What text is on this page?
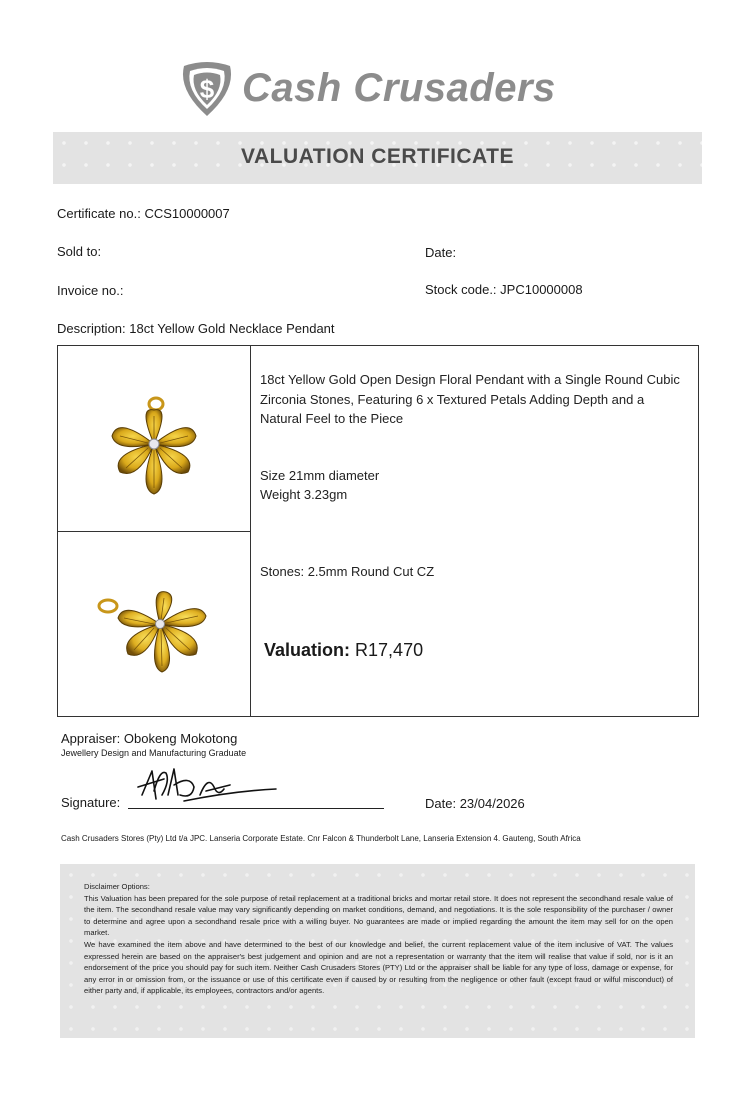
$ Cash Crusaders
VALUATION CERTIFICATE
Certificate no.: CCS10000007
Sold to:	Date:
Invoice no.:	Stock code.: JPC10000008
Description: 18ct Yellow Gold Necklace Pendant
18ct Yellow Gold Open Design Floral Pendant with a Single Round Cubic Zirconia Stones, Featuring 6 x Textured Petals Adding Depth and a Natural Feel to the Piece
Size 21mm diameter
Weight 3.23gm
Stones: 2.5mm Round Cut CZ
Valuation: R17,470
Appraiser: Obokeng Mokotong
Jewellery Design and Manufacturing Graduate
Signature:	Date: 23/04/2026
Cash Crusaders Stores (Pty) Ltd t/a JPC. Lanseria Corporate Estate. Cnr Falcon & Thunderbolt Lane, Lanseria Extension 4. Gauteng, South Africa

Disclaimer Options:

This Valuation has been prepared for the sole purpose of retail replacement at a traditional bricks and mortar retail store. It does not represent the secondhand resale value of the item. The secondhand resale value may vary significantly depending on market conditions, demand, and negotiations. It is the sole responsibility of the purchaser / owner to determine and agree upon a secondhand resale price with a willing buyer. No guarantees are made or implied regarding the amount the item may sell for on the open market.

We have examined the item above and have determined to the best of our knowledge and belief, the current replacement value of the item inclusive of VAT. The values expressed herein are based on the appraiser's best judgement and opinion and are not a representation or warranty that the item will realise that value if sold, nor is it an endorsement of the price you should pay for such item. Neither Cash Crusaders Stores (PTY) Ltd or the appraiser shall be liable for any type of loss, damage or expense, for any error in or omission from, or the issuance or use of this certificate even if caused by or resulting from the negligence or other fault (except fraud or wilful misconduct) of either party and, if applicable, its employees, contractors and/or agents.
